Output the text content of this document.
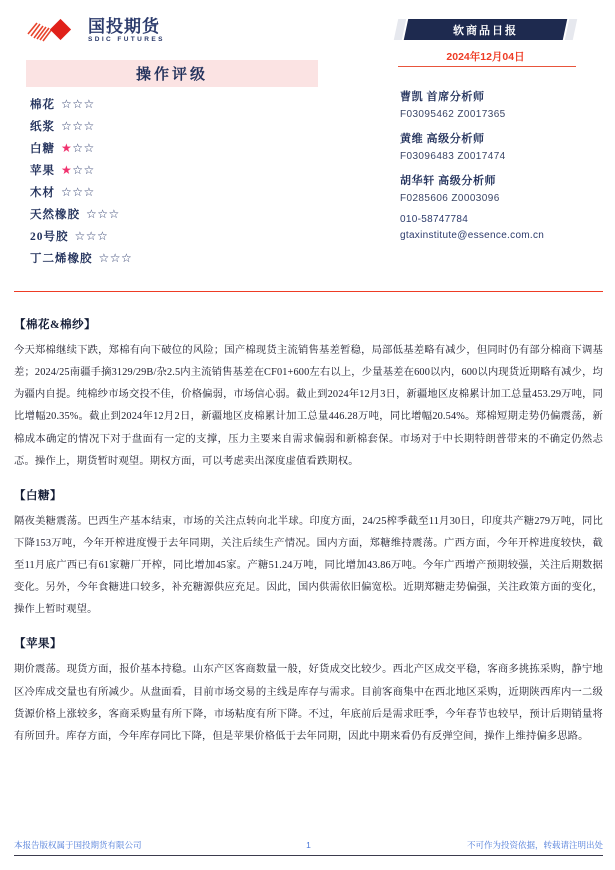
国投期货
SDIC FUTURES
软商品日报
2024年12月04日
操作评级
棉花 ☆☆☆
纸浆 ☆☆☆
白糖 ★☆☆
苹果 ★☆☆
木材 ☆☆☆
天然橡胶 ☆☆☆
20号胶 ☆☆☆
丁二烯橡胶 ☆☆☆
曹凯 首席分析师
F03095462 Z0017365
黄维 高级分析师
F03096483 Z0017474
胡华轩 高级分析师
F0285606 Z0003096
010-58747784
gtaxinstitute@essence.com.cn
【棉花&棉纱】
今天郑棉继续下跌，郑棉有向下破位的风险；国产棉现货主流销售基差暂稳，局部低基差略有减少，但同时仍有部分棉商下调基差；2024/25南疆手摘3129/29B/杂2.5内主流销售基差在CF01+600左右以上，少量基差在600以内，600以内现货近期略有减少，均为疆内自提。纯棉纱市场交投不佳，价格偏弱，市场信心弱。截止到2024年12月3日，新疆地区皮棉累计加工总量453.29万吨，同比增幅20.35%。截止到2024年12月2日，新疆地区皮棉累计加工总量446.28万吨，同比增幅20.54%。郑棉短期走势仍偏震荡，新棉成本确定的情况下对于盘面有一定的支撑，压力主要来自需求偏弱和新棉套保。市场对于中长期特朗普带来的不确定仍然忐忑。操作上，期货暂时观望。期权方面，可以考虑卖出深度虚值看跌期权。
【白糖】
隔夜美糖震荡。巴西生产基本结束，市场的关注点转向北半球。印度方面，24/25榨季截至11月30日，印度共产糖279万吨，同比下降153万吨，今年开榨进度慢于去年同期，关注后续生产情况。国内方面，郑糖维持震荡。广西方面，今年开榨进度较快，截至11月底广西已有61家糖厂开榨，同比增加45家。产糖51.24万吨，同比增加43.86万吨。今年广西增产预期较强，关注后期数据变化。另外，今年食糖进口较多，补充糖源供应充足。因此，国内供需依旧偏宽松。近期郑糖走势偏强，关注政策方面的变化，操作上暂时观望。
【苹果】
期价震荡。现货方面，报价基本持稳。山东产区客商数量一般，好货成交比较少。西北产区成交平稳，客商多挑拣采购，静宁地区冷库成交量也有所减少。从盘面看，目前市场交易的主线是库存与需求。目前客商集中在西北地区采购，近期陕西库内一二级货源价格上涨较多，客商采购量有所下降，市场粘度有所下降。不过，年底前后是需求旺季，今年春节也较早，预计后期销量将有所回升。库存方面，今年库存同比下降，但是苹果价格低于去年同期，因此中期来看仍有反弹空间，操作上维持偏多思路。
本报告版权属于国投期货有限公司	1	不可作为投资依据，转载请注明出处
